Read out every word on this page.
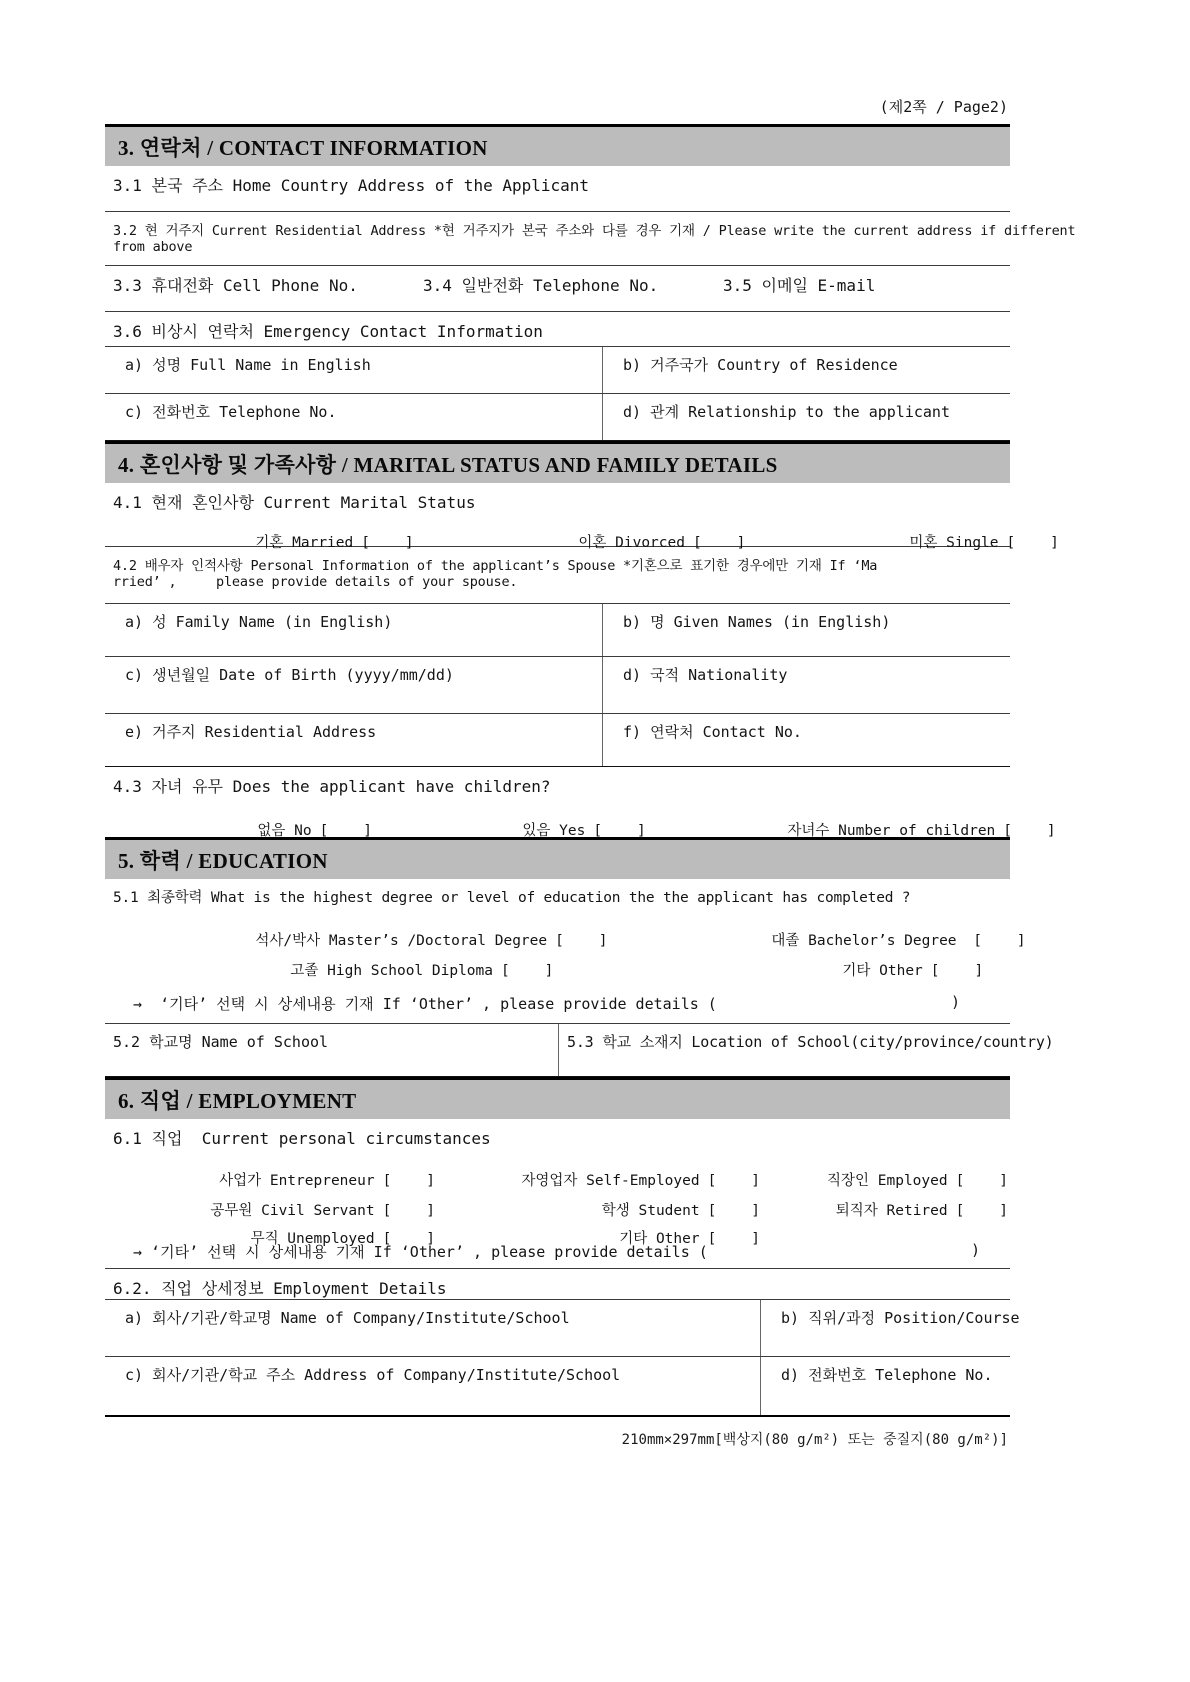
(제2쪽 / Page2)
3. 연락처 / CONTACT INFORMATION
3.1 본국 주소 Home Country Address of the Applicant
3.2 현 거주지 Current Residential Address *현 거주지가 본국 주소와 다를 경우 기재 / Please write the current address if different
from above
3.3 휴대전화 Cell Phone No.	3.4 일반전화 Telephone No.	3.5 이메일 E-mail
3.6 비상시 연락처 Emergency Contact Information
a) 성명 Full Name in English	b) 거주국가 Country of Residence
c) 전화번호 Telephone No.	d) 관계 Relationship to the applicant
4. 혼인사항 및 가족사항 / MARITAL STATUS AND FAMILY DETAILS
4.1 현재 혼인사항 Current Marital Status

기혼 Married [    ]
	이혼 Divorced [    ]
	미혼 Single [    ]

4.2 배우자 인적사항 Personal Information of the applicant’s Spouse *기혼으로 표기한 경우에만 기재 If ‘Ma
rried’ ,     please provide details of your spouse.
a) 성 Family Name (in English)	b) 명 Given Names (in English)
c) 생년월일 Date of Birth (yyyy/mm/dd)	d) 국적 Nationality
e) 거주지 Residential Address	f) 연락처 Contact No.
4.3 자녀 유무 Does the applicant have children?

없음 No [    ]
	있음 Yes [    ]
	자녀수 Number of children [    ]

5. 학력 / EDUCATION
5.1 최종학력 What is the highest degree or level of education the the applicant has completed ?

석사/박사 Master’s /Doctoral Degree [    ]
	대졸 Bachelor’s Degree [    ]

고졸 High School Diploma [    ]
	기타 Other [    ]

→  ‘기타’ 선택 시 상세내용 기재 If ‘Other’ , please provide details (	)
5.2 학교명 Name of School	5.3 학교 소재지 Location of School(city/province/country)
6. 직업 / EMPLOYMENT
6.1 직업  Current personal circumstances

사업가 Entrepreneur [    ]
	자영업자 Self-Employed [    ]
	직장인 Employed [    ]

공무원 Civil Servant [    ]
	학생 Student [    ]
	퇴직자 Retired [    ]

무직 Unemployed [    ]
	기타 Other [    ]

→ ‘기타’ 선택 시 상세내용 기재 If ‘Other’ , please provide details (	)
6.2. 직업 상세정보 Employment Details
a) 회사/기관/학교명 Name of Company/Institute/School	b) 직위/과정 Position/Course
c) 회사/기관/학교 주소 Address of Company/Institute/School	d) 전화번호 Telephone No.
210mm×297mm[백상지(80 g/m²) 또는 중질지(80 g/m²)]
